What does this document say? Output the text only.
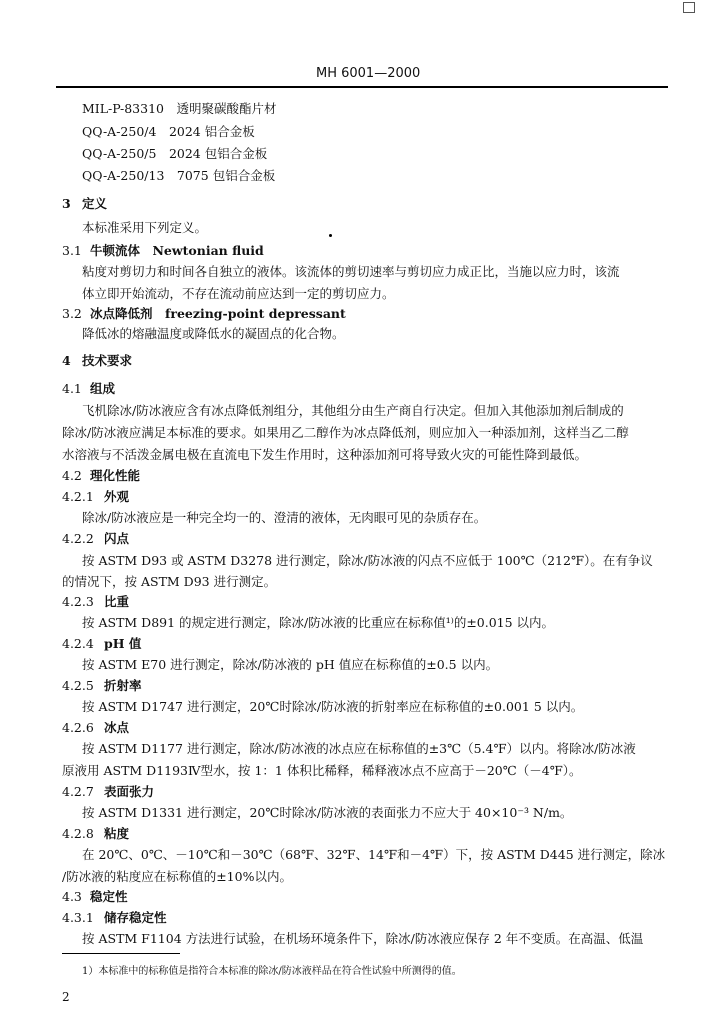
MH 6001—2000
MIL-P-83310　透明聚碳酸酯片材
QQ-A-250/4　2024 铝合金板
QQ-A-250/5　2024 包铝合金板
QQ-A-250/13　7075 包铝合金板
3 定义
本标准采用下列定义。
3.1 牛顿流体　Newtonian fluid
粘度对剪切力和时间各自独立的液体。该流体的剪切速率与剪切应力成正比，当施以应力时，该流
体立即开始流动，不存在流动前应达到一定的剪切应力。
3.2 冰点降低剂　freezing-point depressant
降低冰的熔融温度或降低水的凝固点的化合物。
4 技术要求
4.1 组成
飞机除冰/防冰液应含有冰点降低剂组分，其他组分由生产商自行决定。但加入其他添加剂后制成的
除冰/防冰液应满足本标准的要求。如果用乙二醇作为冰点降低剂，则应加入一种添加剂，这样当乙二醇
水溶液与不活泼金属电极在直流电下发生作用时，这种添加剂可将导致火灾的可能性降到最低。
4.2 理化性能
4.2.1 外观
除冰/防冰液应是一种完全均一的、澄清的液体，无肉眼可见的杂质存在。
4.2.2 闪点
按 ASTM D93 或 ASTM D3278 进行测定，除冰/防冰液的闪点不应低于 100℃（212℉）。在有争议
的情况下，按 ASTM D93 进行测定。
4.2.3 比重
按 ASTM D891 的规定进行测定，除冰/防冰液的比重应在标称值¹⁾的±0.015 以内。
4.2.4 pH 值
按 ASTM E70 进行测定，除冰/防冰液的 pH 值应在标称值的±0.5 以内。
4.2.5 折射率
按 ASTM D1747 进行测定，20℃时除冰/防冰液的折射率应在标称值的±0.001 5 以内。
4.2.6 冰点
按 ASTM D1177 进行测定，除冰/防冰液的冰点应在标称值的±3℃（5.4℉）以内。将除冰/防冰液
原液用 ASTM D1193Ⅳ型水，按 1：1 体积比稀释，稀释液冰点不应高于－20℃（－4℉）。
4.2.7 表面张力
按 ASTM D1331 进行测定，20℃时除冰/防冰液的表面张力不应大于 40×10⁻³ N/m。
4.2.8 粘度
在 20℃、0℃、－10℃和－30℃（68℉、32℉、14℉和－4℉）下，按 ASTM D445 进行测定，除冰
/防冰液的粘度应在标称值的±10%以内。
4.3 稳定性
4.3.1 储存稳定性
按 ASTM F1104 方法进行试验，在机场环境条件下，除冰/防冰液应保存 2 年不变质。在高温、低温
1）本标准中的标称值是指符合本标准的除冰/防冰液样品在符合性试验中所测得的值。
2
